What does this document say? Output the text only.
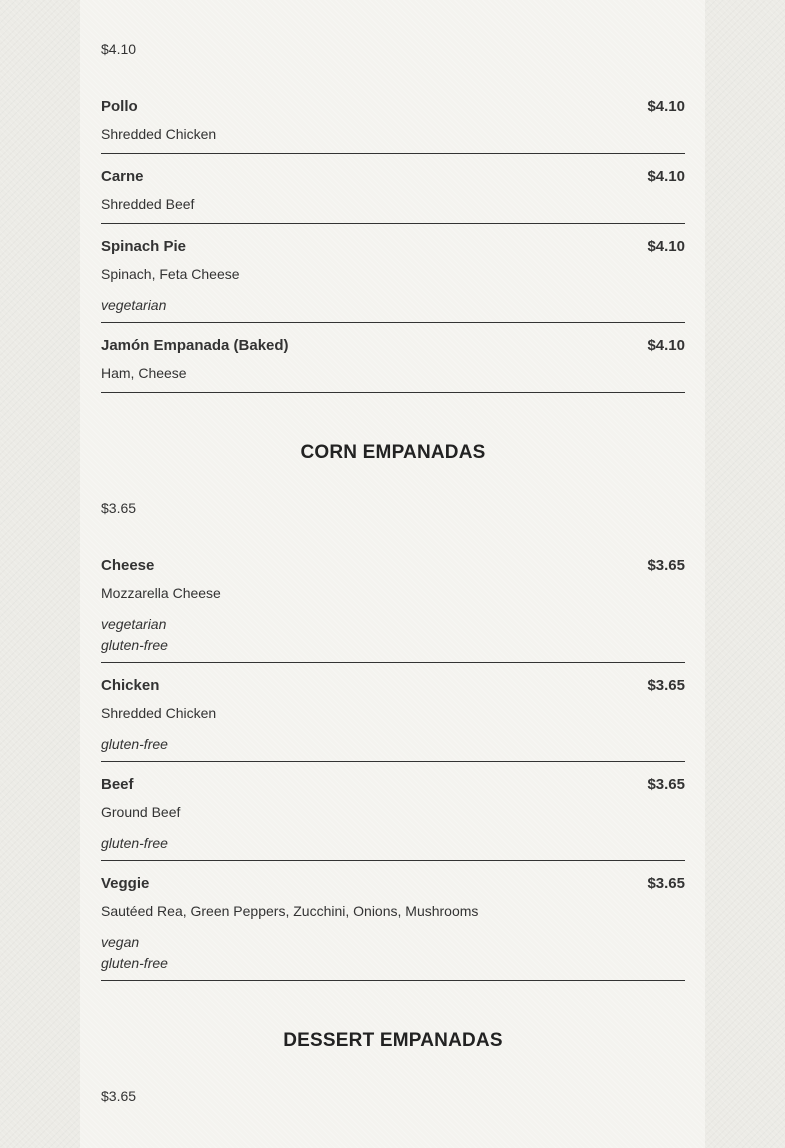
$4.10
Pollo	$4.10
Shredded Chicken
Carne	$4.10
Shredded Beef
Spinach Pie	$4.10
Spinach, Feta Cheese
vegetarian
Jamón Empanada (Baked)	$4.10
Ham, Cheese
CORN EMPANADAS
$3.65
Cheese	$3.65
Mozzarella Cheese
vegetarian
gluten-free
Chicken	$3.65
Shredded Chicken
gluten-free
Beef	$3.65
Ground Beef
gluten-free
Veggie	$3.65
Sautéed Rea, Green Peppers, Zucchini, Onions, Mushrooms
vegan
gluten-free
DESSERT EMPANADAS
$3.65
